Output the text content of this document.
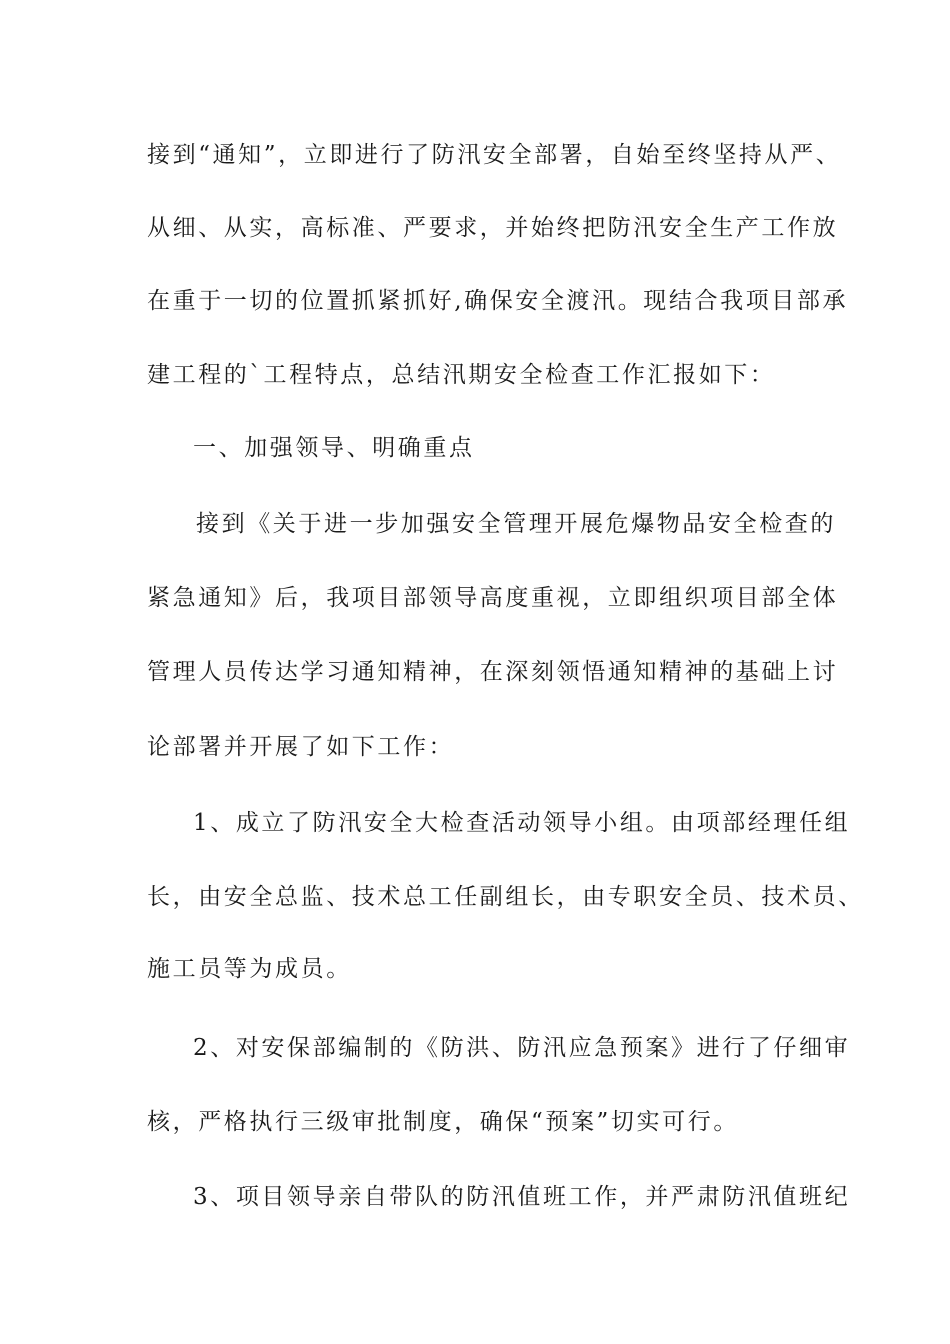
接到“通知”，立即进行了防汛安全部署，自始至终坚持从严、
从细、从实，高标准、严要求，并始终把防汛安全生产工作放
在重于一切的位置抓紧抓好,确保安全渡汛。现结合我项目部承
建工程的`工程特点，总结汛期安全检查工作汇报如下：
一、加强领导、明确重点
接到《关于进一步加强安全管理开展危爆物品安全检查的
紧急通知》后，我项目部领导高度重视，立即组织项目部全体
管理人员传达学习通知精神，在深刻领悟通知精神的基础上讨
论部署并开展了如下工作：
1、成立了防汛安全大检查活动领导小组。由项部经理任组
长，由安全总监、技术总工任副组长，由专职安全员、技术员、
施工员等为成员。
2、对安保部编制的《防洪、防汛应急预案》进行了仔细审
核，严格执行三级审批制度，确保“预案”切实可行。
3、项目领导亲自带队的防汛值班工作，并严肃防汛值班纪
